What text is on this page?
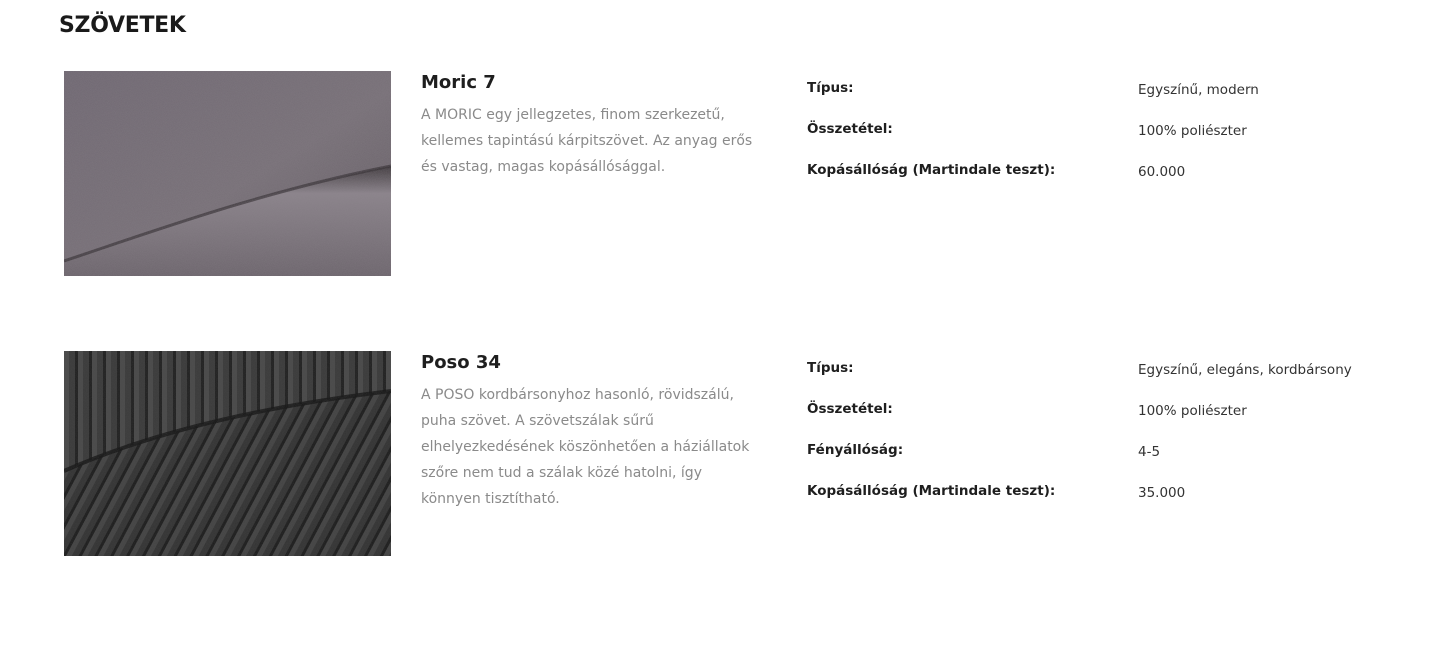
SZÖVETEK
Moric 7

A MORIC egy jellegzetes, finom szerkezetű, kellemes tapintású kárpitszövet. Az anyag erős és vastag, magas kopásállósággal.

Típus:	Egyszínű, modern
Összetétel:	100% poliészter
Kopásállóság (Martindale teszt):	60.000
Poso 34

A POSO kordbársonyhoz hasonló, rövidszálú, puha szövet. A szövetszálak sűrű elhelyezkedésének köszönhetően a háziállatok szőre nem tud a szálak közé hatolni, így könnyen tisztítható.

Típus:	Egyszínű, elegáns, kordbársony
Összetétel:	100% poliészter
Fényállóság:	4-5
Kopásállóság (Martindale teszt):	35.000
